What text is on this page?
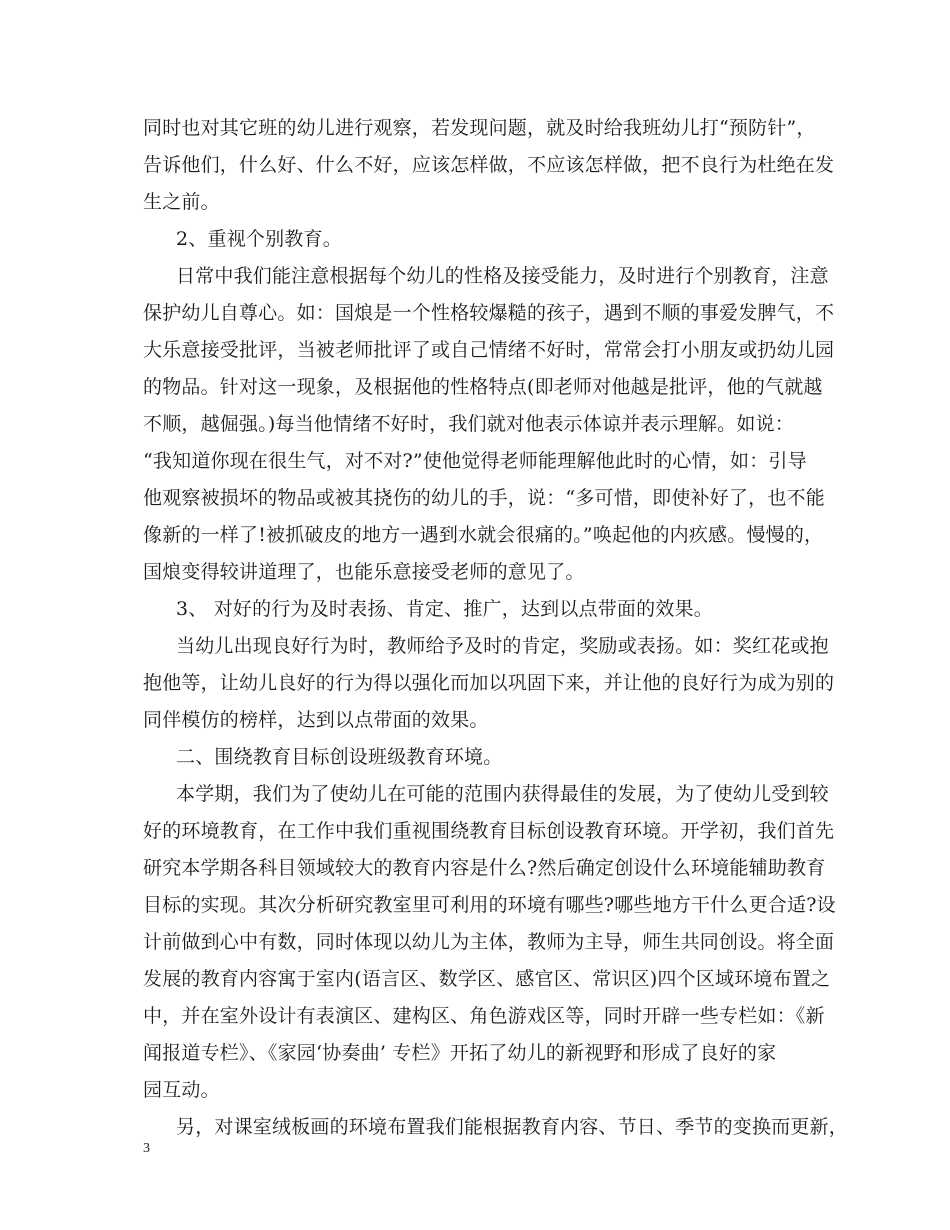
同时也对其它班的幼儿进行观察，若发现问题，就及时给我班幼儿打“预防针”，
告诉他们，什么好、什么不好，应该怎样做，不应该怎样做，把不良行为杜绝在发
生之前。
2、重视个别教育。
日常中我们能注意根据每个幼儿的性格及接受能力，及时进行个别教育，注意
保护幼儿自尊心。如：国烺是一个性格较爆糙的孩子，遇到不顺的事爱发脾气，不
大乐意接受批评，当被老师批评了或自己情绪不好时，常常会打小朋友或扔幼儿园
的物品。针对这一现象，及根据他的性格特点(即老师对他越是批评，他的气就越
不顺，越倔强。)每当他情绪不好时，我们就对他表示体谅并表示理解。如说：
“我知道你现在很生气，对不对?”使他觉得老师能理解他此时的心情，如：引导
他观察被损坏的物品或被其挠伤的幼儿的手，说：“多可惜，即使补好了，也不能
像新的一样了!被抓破皮的地方一遇到水就会很痛的。”唤起他的内疚感。慢慢的，
国烺变得较讲道理了，也能乐意接受老师的意见了。
3、 对好的行为及时表扬、肯定、推广，达到以点带面的效果。
当幼儿出现良好行为时，教师给予及时的肯定，奖励或表扬。如：奖红花或抱
抱他等，让幼儿良好的行为得以强化而加以巩固下来，并让他的良好行为成为别的
同伴模仿的榜样，达到以点带面的效果。
二、围绕教育目标创设班级教育环境。
本学期，我们为了使幼儿在可能的范围内获得最佳的发展，为了使幼儿受到较
好的环境教育，在工作中我们重视围绕教育目标创设教育环境。开学初，我们首先
研究本学期各科目领域较大的教育内容是什么?然后确定创设什么环境能辅助教育
目标的实现。其次分析研究教室里可利用的环境有哪些?哪些地方干什么更合适?设
计前做到心中有数，同时体现以幼儿为主体，教师为主导，师生共同创设。将全面
发展的教育内容寓于室内(语言区、数学区、感官区、常识区)四个区域环境布置之
中，并在室外设计有表演区、建构区、角色游戏区等，同时开辟一些专栏如：《新
闻报道专栏》、《家园‘协奏曲’ 专栏》开拓了幼儿的新视野和形成了良好的家
园互动。
另，对课室绒板画的环境布置我们能根据教育内容、节日、季节的变换而更新，
3
